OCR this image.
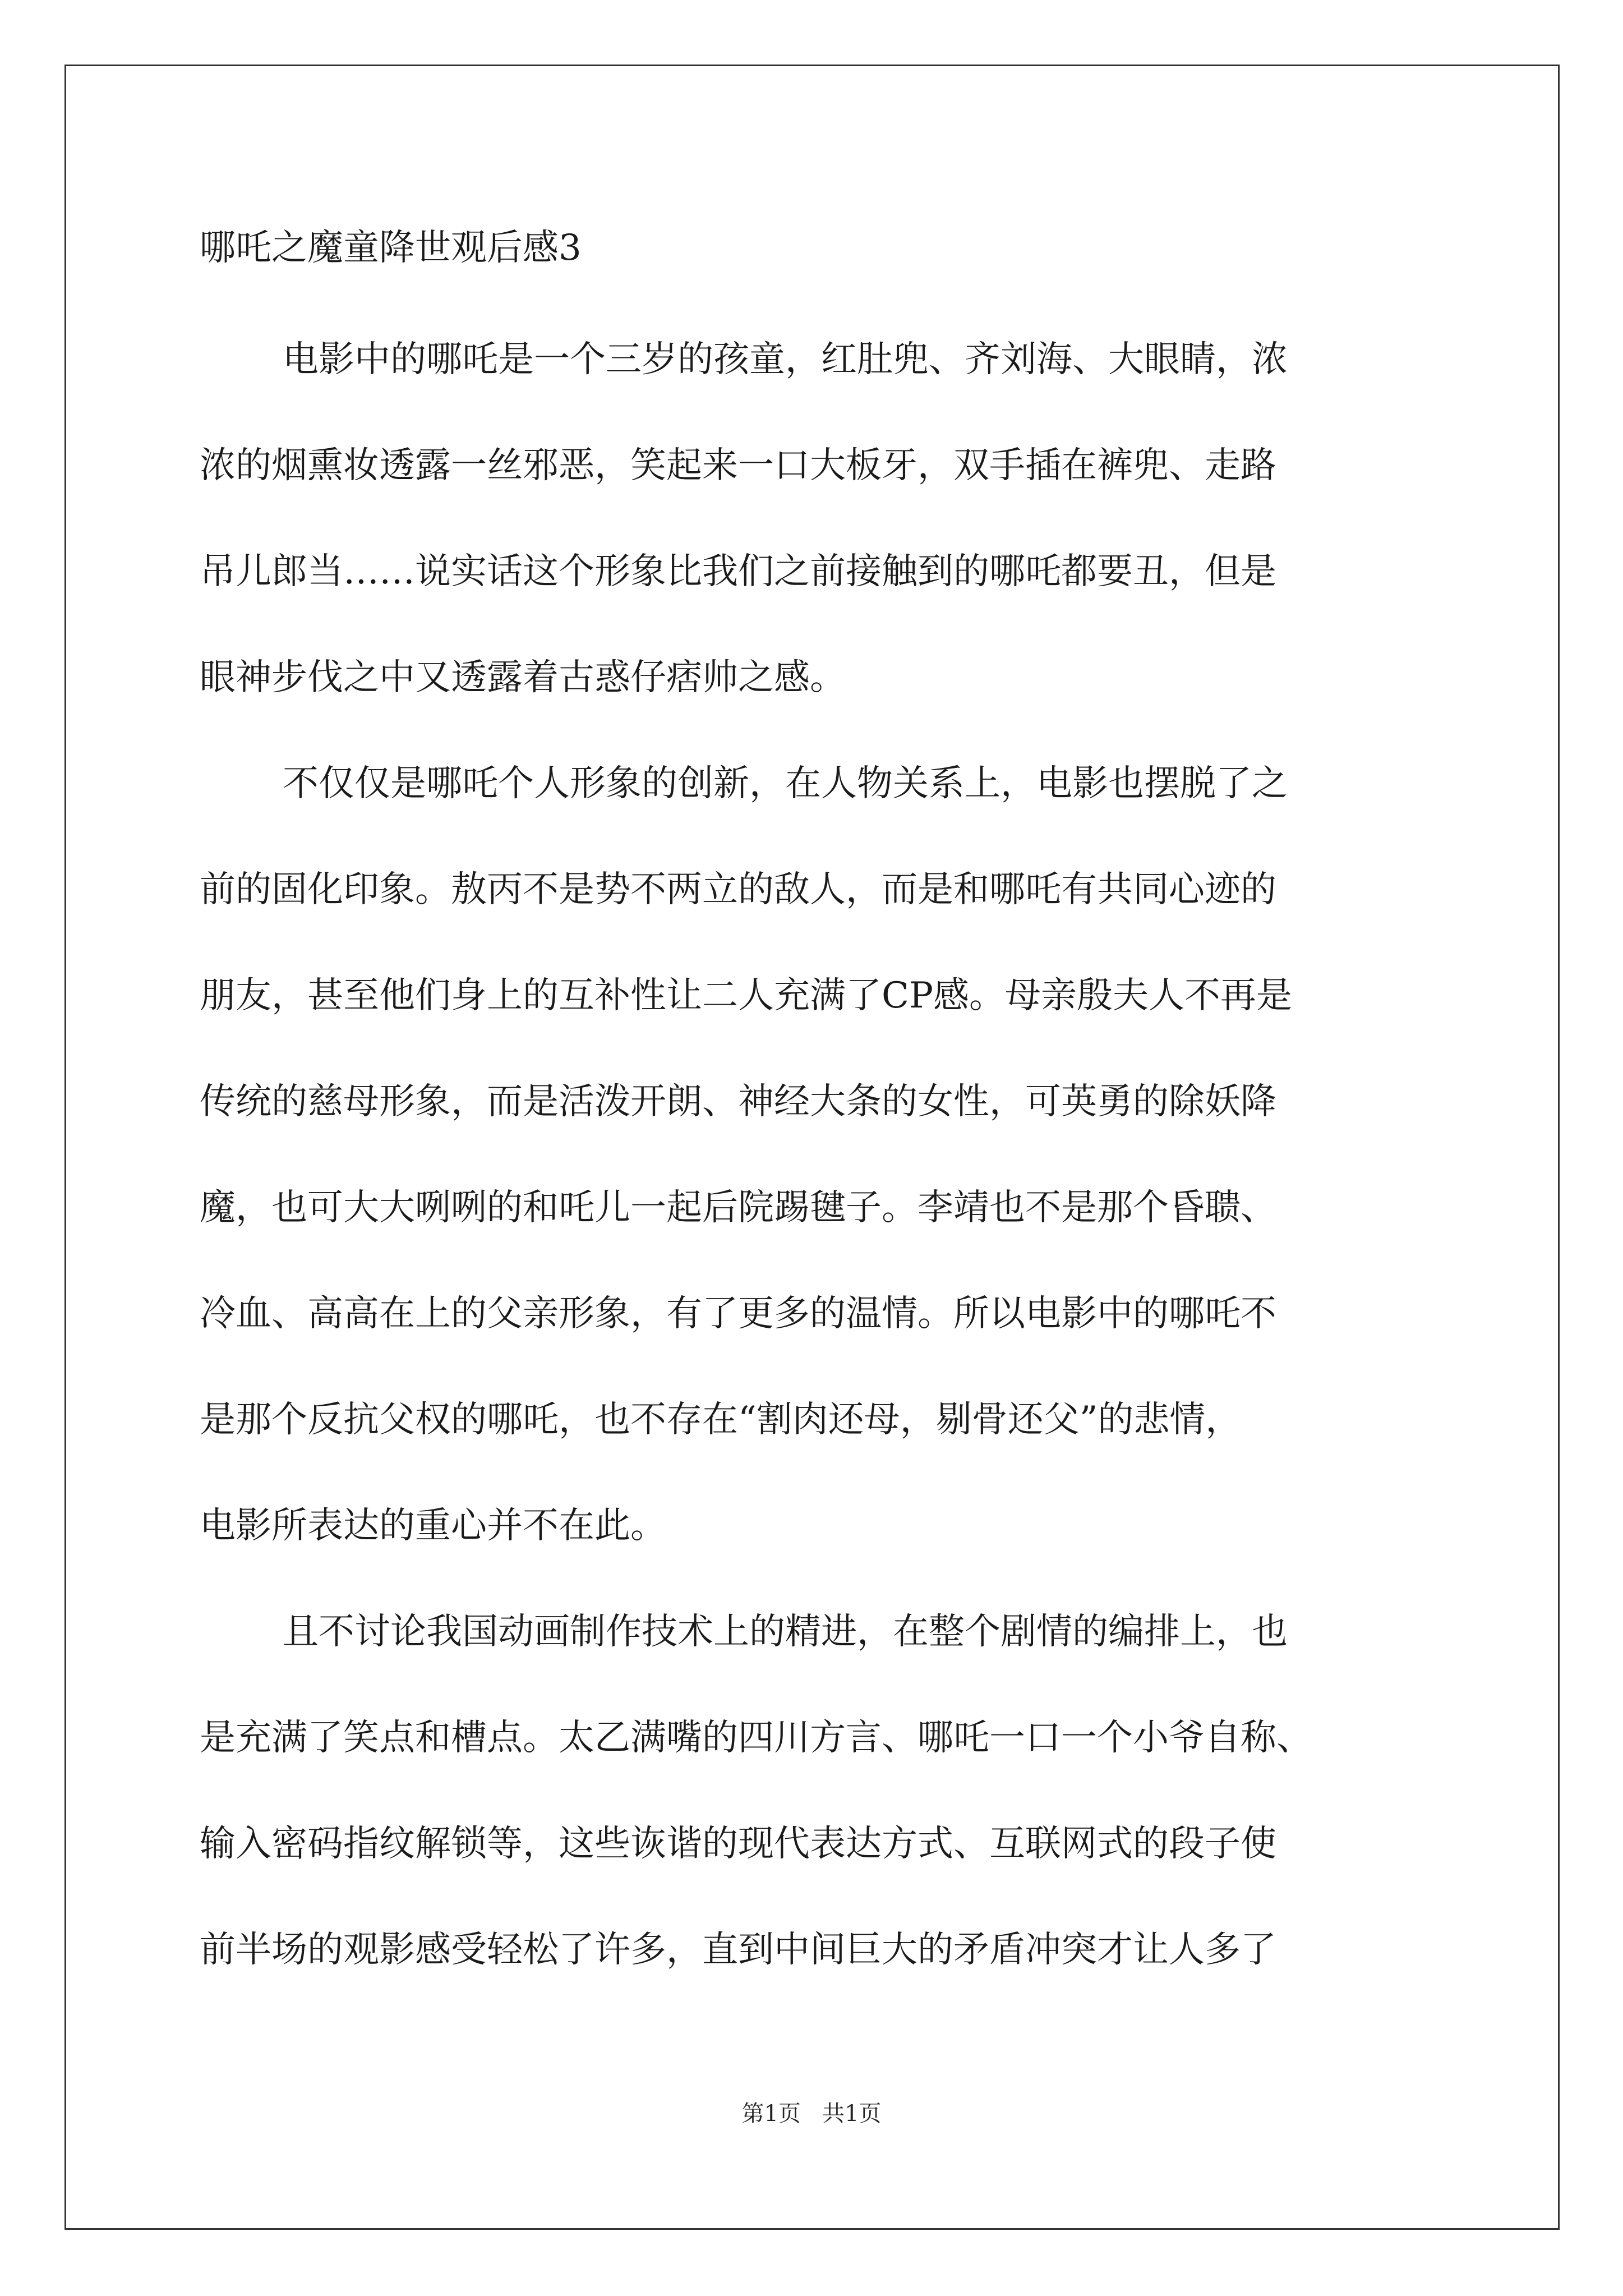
哪吒之魔童降世观后感3
电影中的哪吒是一个三岁的孩童，红肚兜、齐刘海、大眼睛，浓
浓的烟熏妆透露一丝邪恶，笑起来一口大板牙，双手插在裤兜、走路
吊儿郎当……说实话这个形象比我们之前接触到的哪吒都要丑，但是
眼神步伐之中又透露着古惑仔痞帅之感。
不仅仅是哪吒个人形象的创新，在人物关系上，电影也摆脱了之
前的固化印象。敖丙不是势不两立的敌人，而是和哪吒有共同心迹的
朋友，甚至他们身上的互补性让二人充满了CP感。母亲殷夫人不再是
传统的慈母形象，而是活泼开朗、神经大条的女性，可英勇的除妖降
魔，也可大大咧咧的和吒儿一起后院踢毽子。李靖也不是那个昏聩、
冷血、高高在上的父亲形象，有了更多的温情。所以电影中的哪吒不
是那个反抗父权的哪吒，也不存在“割肉还母，剔骨还父”的悲情，
电影所表达的重心并不在此。
且不讨论我国动画制作技术上的精进，在整个剧情的编排上，也
是充满了笑点和槽点。太乙满嘴的四川方言、哪吒一口一个小爷自称、
输入密码指纹解锁等，这些诙谐的现代表达方式、互联网式的段子使
前半场的观影感受轻松了许多，直到中间巨大的矛盾冲突才让人多了
第1页   共1页
